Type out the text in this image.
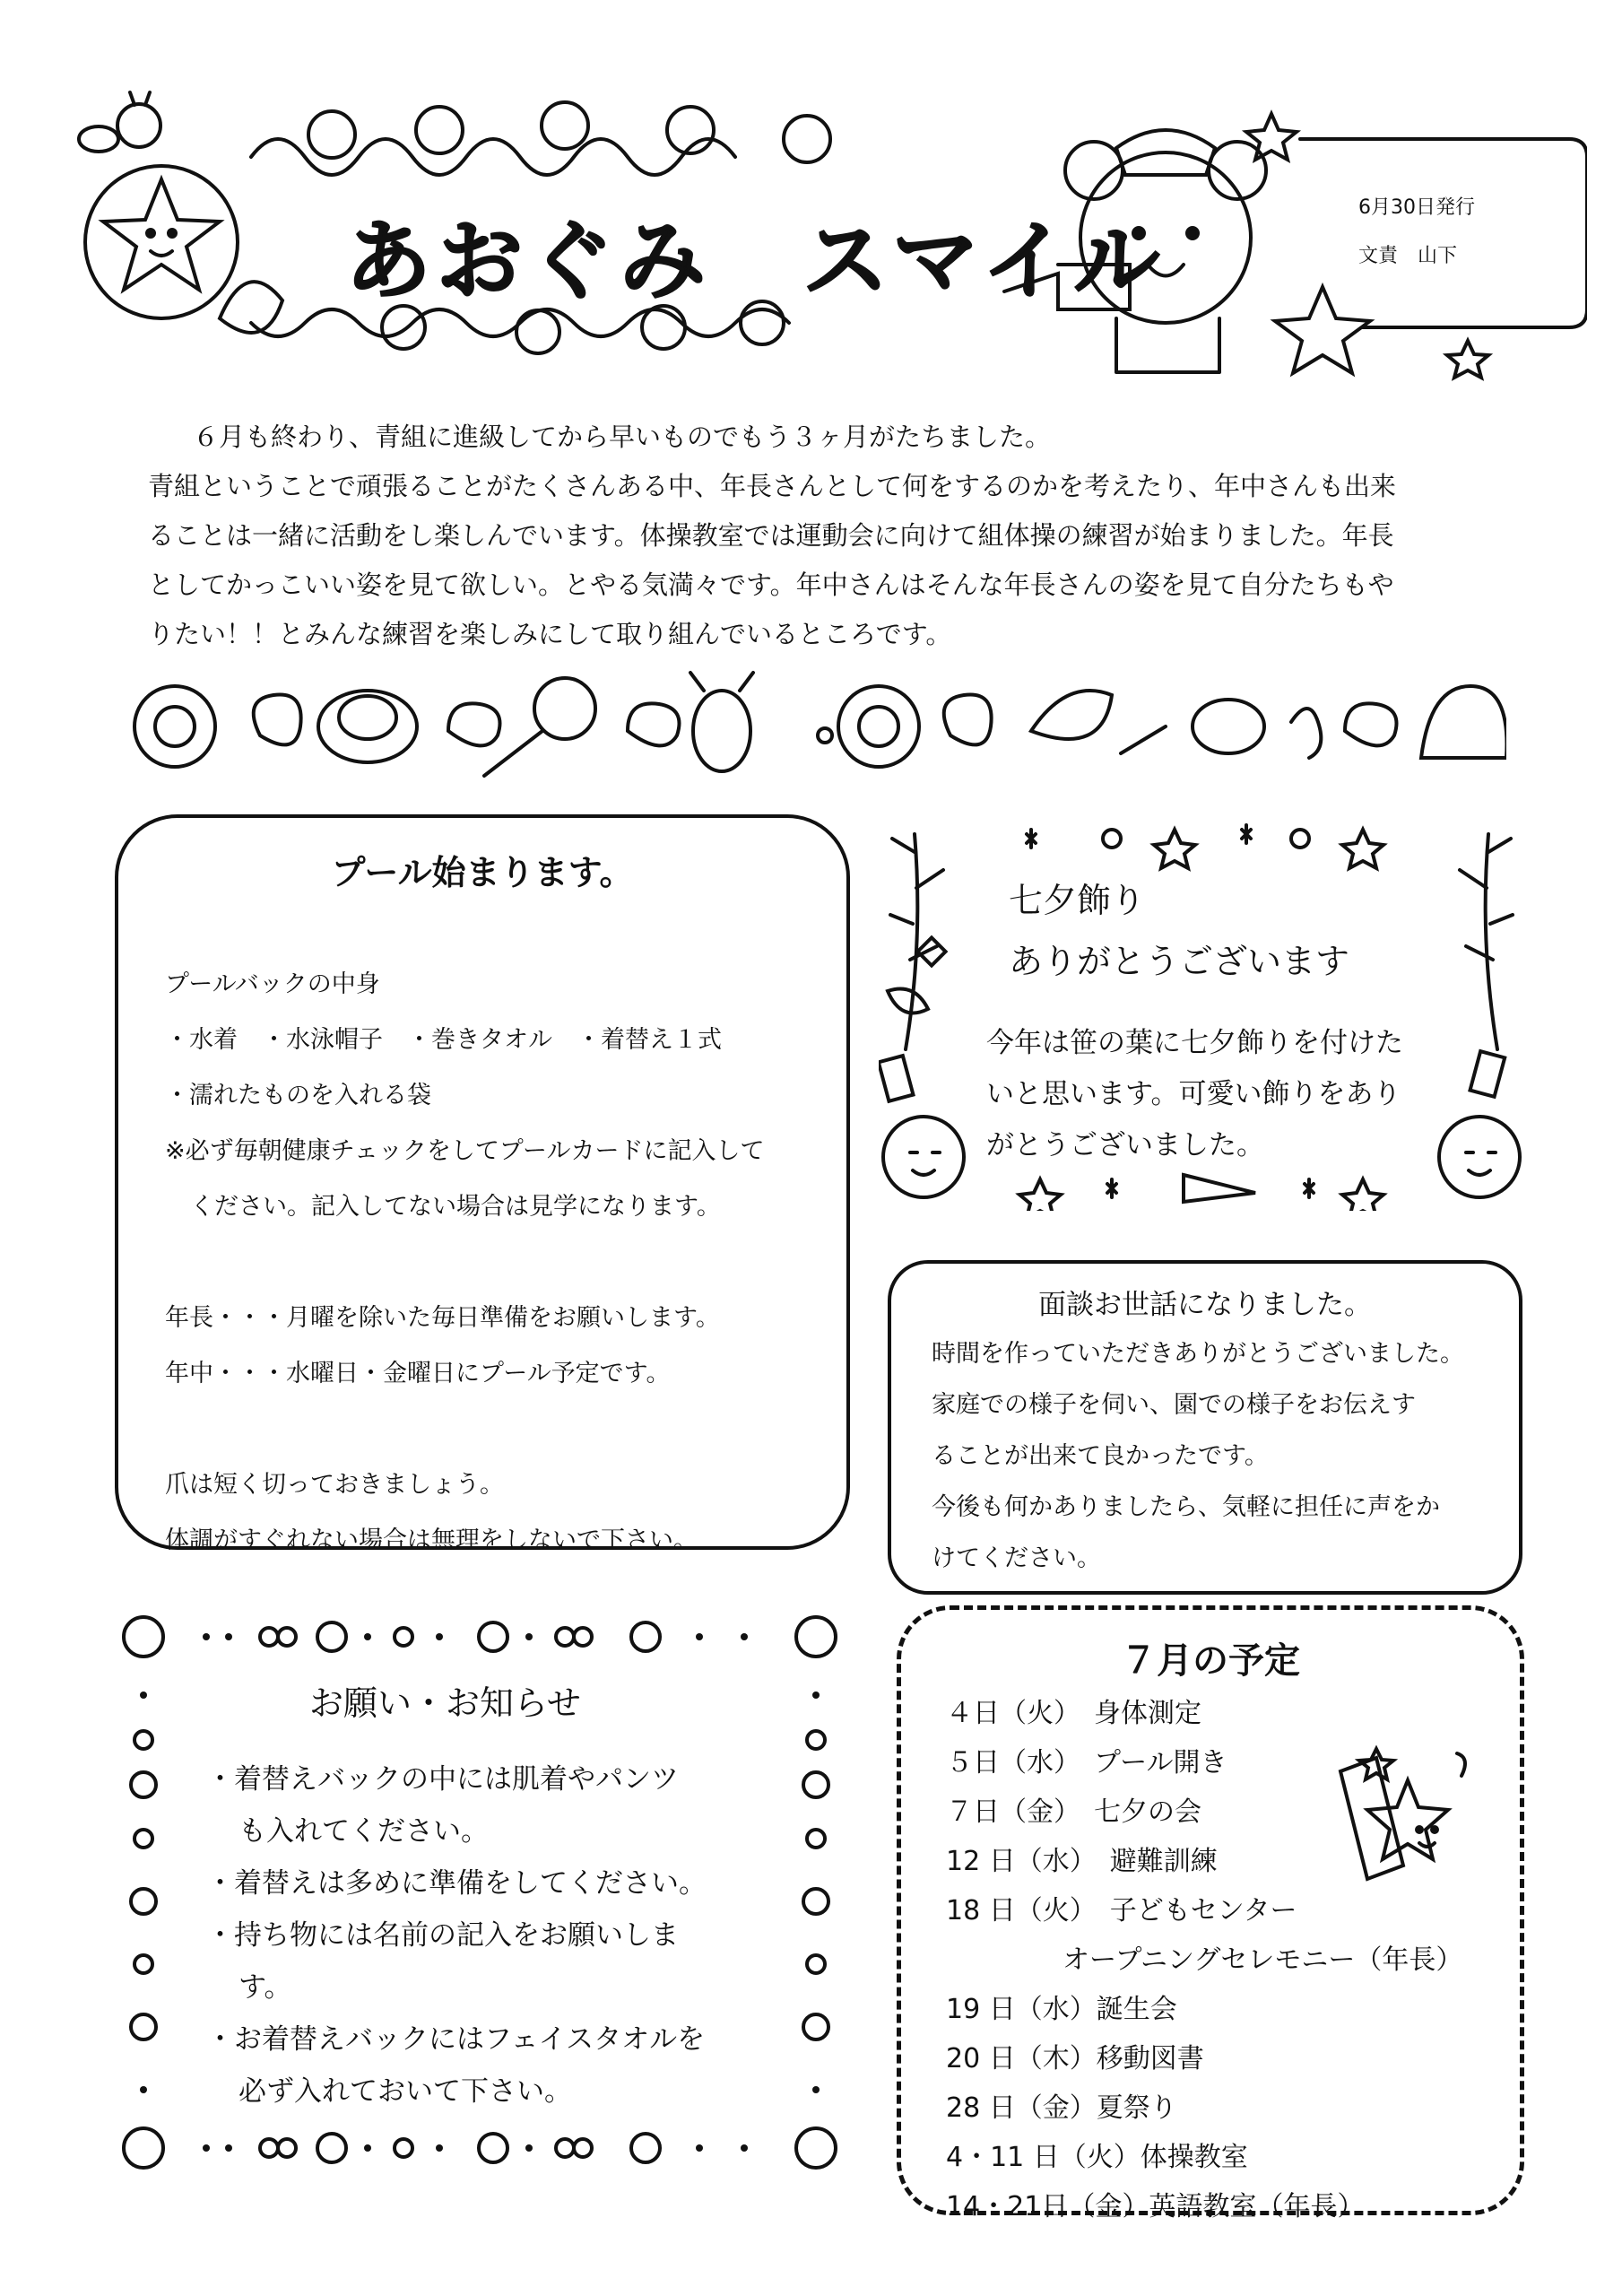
あおぐみ　スマイル
6月30日発行
文責　山下

６月も終わり、青組に進級してから早いものでもう３ヶ月がたちました。

青組ということで頑張ることがたくさんある中、年長さんとして何をするのかを考えたり、年中さんも出来

ることは一緒に活動をし楽しんでいます。体操教室では運動会に向けて組体操の練習が始まりました。年長

としてかっこいい姿を見て欲しい。とやる気満々です。年中さんはそんな年長さんの姿を見て自分たちもや

りたい！！とみんな練習を楽しみにして取り組んでいるところです。

プール始まります。

プールバックの中身

・水着　・水泳帽子　・巻きタオル　・着替え１式

・濡れたものを入れる袋

※必ず毎朝健康チェックをしてプールカードに記入して

ください。記入してない場合は見学になります。

年長・・・月曜を除いた毎日準備をお願いします。

年中・・・水曜日・金曜日にプール予定です。

爪は短く切っておきましょう。

体調がすぐれない場合は無理をしないで下さい。

七夕飾り
ありがとうございます
今年は笹の葉に七夕飾りを付けた
いと思います。可愛い飾りをあり
がとうございました。
面談お世話になりました。

時間を作っていただきありがとうございました。

家庭での様子を伺い、園での様子をお伝えす

ることが出来て良かったです。

今後も何かありましたら、気軽に担任に声をか

けてください。

お願い・お知らせ

・着替えバックの中には肌着やパンツ

も入れてください。

・着替えは多めに準備をしてください。

・持ち物には名前の記入をお願いしま

す。

・お着替えバックにはフェイスタオルを

必ず入れておいて下さい。

７月の予定
４日（火）　身体測定
５日（水）　プール開き
７日（金）　七夕の会
12 日（水）　避難訓練
18 日（火）　子どもセンター
オープニングセレモニー（年長）
19 日（水）誕生会
20 日（木）移動図書
28 日（金）夏祭り
4・11 日（火）体操教室
14・21日（金）英語教室（年長）
